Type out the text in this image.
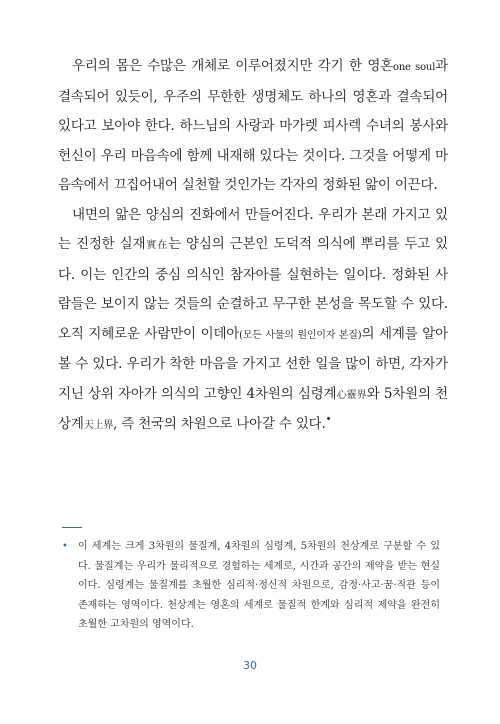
우리의 몸은 수많은 개체로 이루어졌지만 각기 한 영혼one soul과 결속되어 있듯이, 우주의 무한한 생명체도 하나의 영혼과 결속되어 있다고 보아야 한다. 하느님의 사랑과 마가렛 피사렉 수녀의 봉사와 헌신이 우리 마음속에 함께 내재해 있다는 것이다. 그것을 어떻게 마음속에서 끄집어내어 실천할 것인가는 각자의 정화된 앎이 이끈다.

내면의 앎은 양심의 진화에서 만들어진다. 우리가 본래 가지고 있는 진정한 실재實在는 양심의 근본인 도덕적 의식에 뿌리를 두고 있다. 이는 인간의 중심 의식인 참자아를 실현하는 일이다. 정화된 사람들은 보이지 않는 것들의 순결하고 무구한 본성을 목도할 수 있다. 오직 지혜로운 사람만이 이데아(모든 사물의 원인이자 본질)의 세계를 알아볼 수 있다. 우리가 착한 마음을 가지고 선한 일을 많이 하면, 각자가 지닌 상위 자아가 의식의 고향인 4차원의 심령계心靈界와 5차원의 천상계天上界, 즉 천국의 차원으로 나아갈 수 있다.•

• 이 세계는 크게 3차원의 물질계, 4차원의 심령계, 5차원의 천상계로 구분할 수 있다. 물질계는 우리가 물리적으로 경험하는 세계로, 시간과 공간의 제약을 받는 현실이다. 심령계는 물질계를 초월한 심리적·정신적 차원으로, 감정·사고·꿈·직관 등이 존재하는 영역이다. 천상계는 영혼의 세계로 물질적 한계와 심리적 제약을 완전히 초월한 고차원의 영역이다.
30
